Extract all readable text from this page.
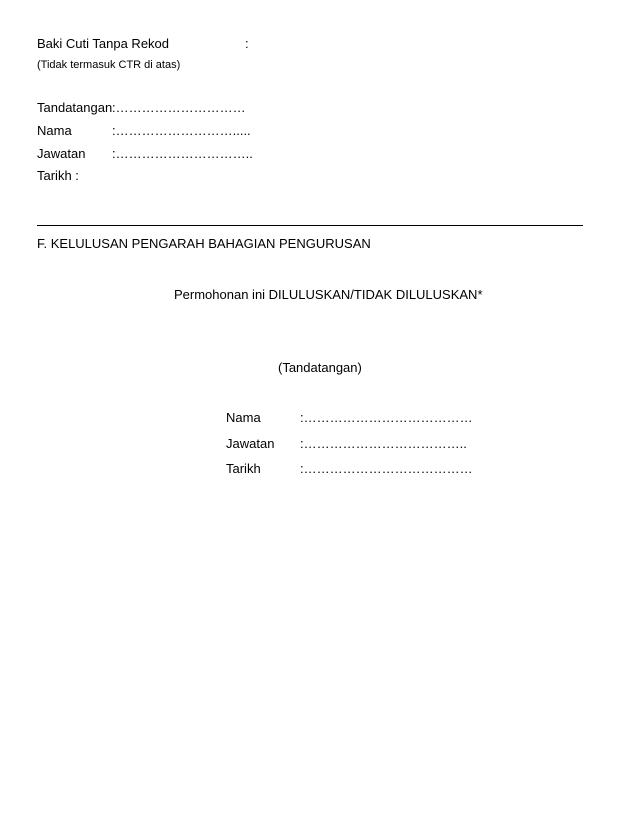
Baki Cuti Tanpa Rekod	:
(Tidak termasuk CTR di atas)
Tandatangan :…………………………
Nama	:……………………….....
Jawatan :…………………………..
Tarikh :
F. KELULUSAN PENGARAH BAHAGIAN PENGURUSAN
Permohonan ini DILULUSKAN/TIDAK DILULUSKAN*
(Tandatangan)
Nama	:…………………………………
Jawatan :………………………………..
Tarikh	:…………………………………
